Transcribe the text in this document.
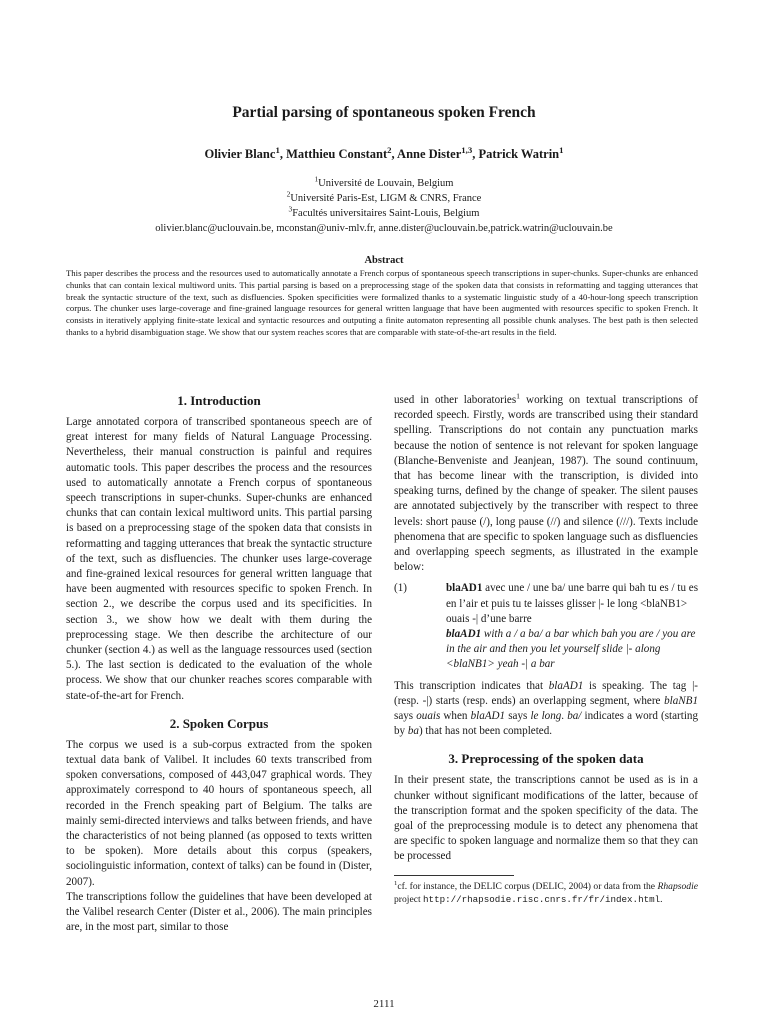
Partial parsing of spontaneous spoken French
Olivier Blanc$^1$, Matthieu Constant$^2$, Anne Dister$^{1,3}$, Patrick Watrin$^1$
$^1$Université de Louvain, Belgium
$^2$Université Paris-Est, LIGM & CNRS, France
$^3$Facultés universitaires Saint-Louis, Belgium
olivier.blanc@uclouvain.be, mconstan@univ-mlv.fr, anne.dister@uclouvain.be,patrick.watrin@uclouvain.be
Abstract
This paper describes the process and the resources used to automatically annotate a French corpus of spontaneous speech transcriptions in super-chunks. Super-chunks are enhanced chunks that can contain lexical multiword units. This partial parsing is based on a preprocessing stage of the spoken data that consists in reformatting and tagging utterances that break the syntactic structure of the text, such as disfluencies. Spoken specificities were formalized thanks to a systematic linguistic study of a 40-hour-long speech transcription corpus. The chunker uses large-coverage and fine-grained language resources for general written language that have been augmented with resources specific to spoken French. It consists in iteratively applying finite-state lexical and syntactic resources and outputing a finite automaton representing all possible chunk analyses. The best path is then selected thanks to a hybrid disambiguation stage. We show that our system reaches scores that are comparable with state-of-the-art results in the field.
1. Introduction

Large annotated corpora of transcribed spontaneous speech are of great interest for many fields of Natural Language Processing. Nevertheless, their manual construction is painful and requires automatic tools. This paper describes the process and the resources used to automatically annotate a French corpus of spontaneous speech transcriptions in super-chunks. Super-chunks are enhanced chunks that can contain lexical multiword units. This partial parsing is based on a preprocessing stage of the spoken data that consists in reformatting and tagging utterances that break the syntactic structure of the text, such as disfluencies. The chunker uses large-coverage and fine-grained lexical resources for general written language that have been augmented with resources specific to spoken French. In section 2., we describe the corpus used and its specificities. In section 3., we show how we dealt with them during the preprocessing stage. We then describe the architecture of our chunker (section 4.) as well as the language ressources used (section 5.). The last section is dedicated to the evaluation of the whole process. We show that our chunker reaches scores comparable with state-of-the-art for French.

2. Spoken Corpus

The corpus we used is a sub-corpus extracted from the spoken textual data bank of Valibel. It includes 60 texts transcribed from spoken conversations, composed of 443,047 graphical words. They approximately correspond to 40 hours of spontaneous speech, all recorded in the French speaking part of Belgium. The talks are mainly semi-directed interviews and talks between friends, and have the characteristics of not being planned (as opposed to texts written to be spoken). More details about this corpus (speakers, sociolinguistic information, context of talks) can be found in (Dister, 2007).

The transcriptions follow the guidelines that have been developed at the Valibel research Center (Dister et al., 2006). The main principles are, in the most part, similar to those

used in other laboratories$^1$ working on textual transcriptions of recorded speech. Firstly, words are transcribed using their standard spelling. Transcriptions do not contain any punctuation marks because the notion of sentence is not relevant for spoken language (Blanche-Benveniste and Jeanjean, 1987). The sound continuum, that has become linear with the transcription, is divided into speaking turns, defined by the change of speaker. The silent pauses are annotated subjectively by the transcriber with respect to three levels: short pause (/), long pause (//) and silence (///). Texts include phenomena that are specific to spoken language such as disfluencies and overlapping speech segments, as illustrated in the example below:

(1)	blaAD1 avec une / une ba/ une barre qui bah tu es / tu es en l’air et puis tu te laisses glisser |- le long <blaNB1> ouais -| d’une barre
blaAD1 with a / a ba/ a bar which bah you are / you are in the air and then you let yourself slide |- along <blaNB1> yeah -| a bar

This transcription indicates that blaAD1 is speaking. The tag |- (resp. -|) starts (resp. ends) an overlapping segment, where blaNB1 says ouais when blaAD1 says le long. ba/ indicates a word (starting by ba) that has not been completed.

3. Preprocessing of the spoken data

In their present state, the transcriptions cannot be used as is in a chunker without significant modifications of the latter, because of the transcription format and the spoken specificity of the data. The goal of the preprocessing module is to detect any phenomena that are specific to spoken language and normalize them so that they can be processed

$^1$cf. for instance, the DELIC corpus (DELIC, 2004) or data from the Rhapsodie project http://rhapsodie.risc.cnrs.fr/fr/index.html.
2111
